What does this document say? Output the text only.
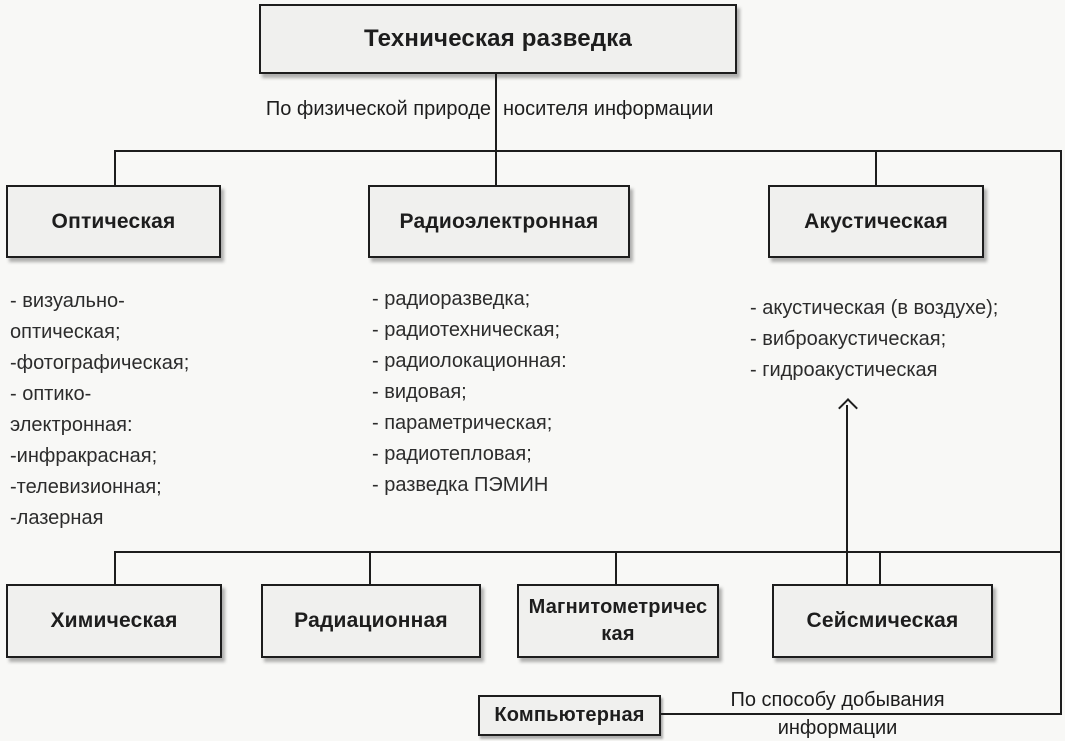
Техническая разведка
По физической природе носителя информации
Оптическая	Радиоэлектронная	Акустическая
- визуально-
оптическая;
-фотографическая;
- оптико-
электронная:
-инфракрасная;
-телевизионная;
-лазерная
- радиоразведка;
- радиотехническая;
- радиолокационная:
- видовая;
- параметрическая;
- радиотепловая;
- разведка ПЭМИН
- акустическая (в воздухе);
- виброакустическая;
- гидроакустическая
Химическая	Радиационная
Магнитометричес кая
Сейсмическая
Компьютерная
По способу добывания
информации
